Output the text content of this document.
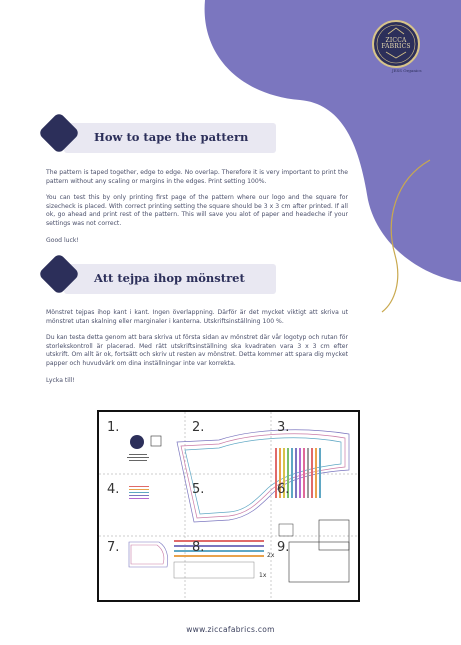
ZICCA FABRICS
JESS Organics
How to tape the pattern

The pattern is taped together, edge to edge. No overlap. Therefore it is very important to print the pattern without any scaling or margins in the edges. Print setting 100%.

You can test this by only printing first page of the pattern where our logo and the square for sizecheck is placed. With correct printing setting the square should be 3 x 3 cm after printed. If all ok, go ahead and print rest of the pattern. This will save you alot of paper and headeche if your settings was not correct.

Good luck!

Att tejpa ihop mönstret

Mönstret tejpas ihop kant i kant. Ingen överlappning. Därför är det mycket viktigt att skriva ut mönstret utan skalning eller marginaler i kanterna. Utskriftsinställning 100 %.

Du kan testa detta genom att bara skriva ut första sidan av mönstret där vår logotyp och rutan för storlekskontroll är placerad. Med rätt utskriftsinställning ska kvadraten vara 3 x 3 cm efter utskrift. Om allt är ok, fortsätt och skriv ut resten av mönstret. Detta kommer att spara dig mycket papper och huvudvärk om dina inställningar inte var korrekta.

Lycka till!

1.	2.	3.
4.	5.	6.
7.	8.	9.
2x
1x
www.ziccafabrics.com
